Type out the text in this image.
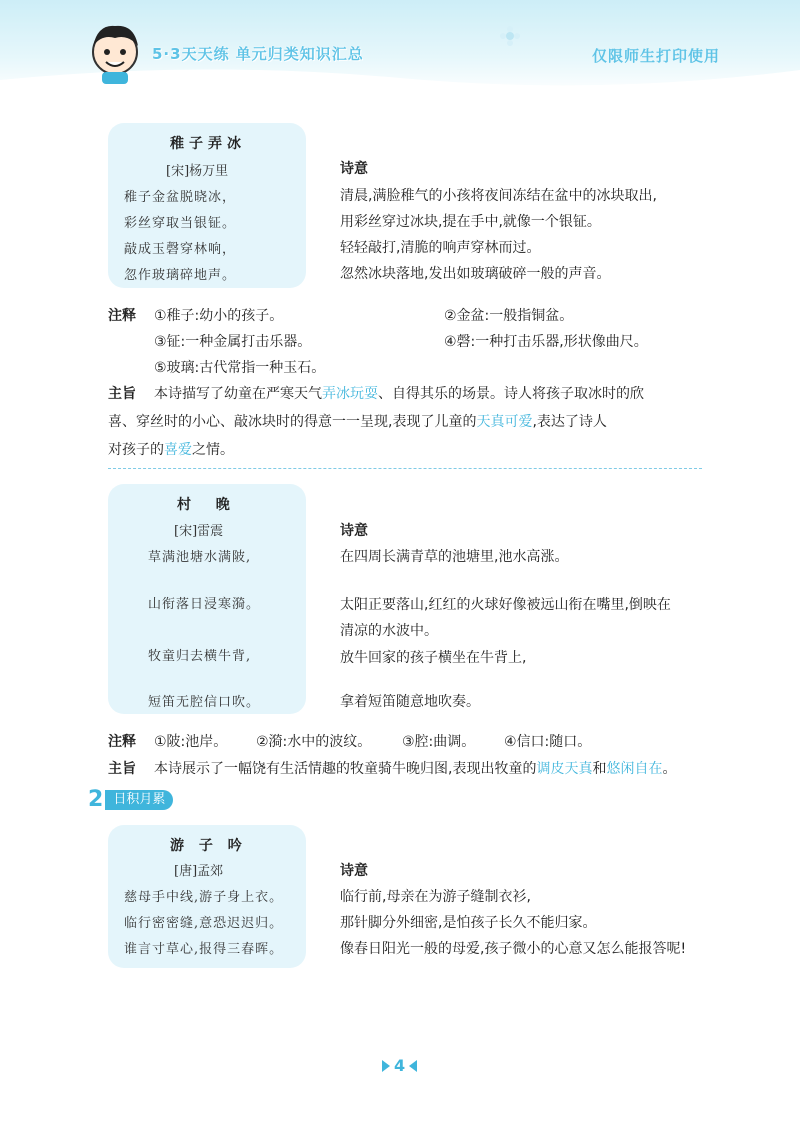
5·3天天练 单元归类知识汇总	仅限师生打印使用
稚子弄冰
[宋]杨万里
稚子金盆脱晓冰，
彩丝穿取当银钲。
敲成玉磬穿林响，
忽作玻璃碎地声。
诗意
清晨,满脸稚气的小孩将夜间冻结在盆中的冰块取出,
用彩丝穿过冰块,提在手中,就像一个银钲。
轻轻敲打,清脆的响声穿林而过。
忽然冰块落地,发出如玻璃破碎一般的声音。
注释 ①稚子:幼小的孩子。	②金盆:一般指铜盆。
③钲:一种金属打击乐器。	④磬:一种打击乐器,形状像曲尺。
⑤玻璃:古代常指一种玉石。
主旨 本诗描写了幼童在严寒天气弄冰玩耍、自得其乐的场景。诗人将孩子取冰时的欣
喜、穿丝时的小心、敲冰块时的得意一一呈现,表现了儿童的天真可爱,表达了诗人
对孩子的喜爱之情。
村  晚
[宋]雷震
草满池塘水满陂,
山衔落日浸寒漪。
牧童归去横牛背,
短笛无腔信口吹。
诗意
在四周长满青草的池塘里,池水高涨。
太阳正要落山,红红的火球好像被远山衔在嘴里,倒映在
清凉的水波中。
放牛回家的孩子横坐在牛背上,
拿着短笛随意地吹奏。
注释 ①陂:池岸。 ②漪:水中的波纹。 ③腔:曲调。 ④信口:随口。
主旨 本诗展示了一幅饶有生活情趣的牧童骑牛晚归图,表现出牧童的调皮天真和悠闲自在。
2 日积月累
游 子 吟
[唐]孟郊
慈母手中线,游子身上衣。
临行密密缝,意恐迟迟归。
谁言寸草心,报得三春晖。
诗意
临行前,母亲在为游子缝制衣衫,
那针脚分外细密,是怕孩子长久不能归家。
像春日阳光一般的母爱,孩子微小的心意又怎么能报答呢!
4
